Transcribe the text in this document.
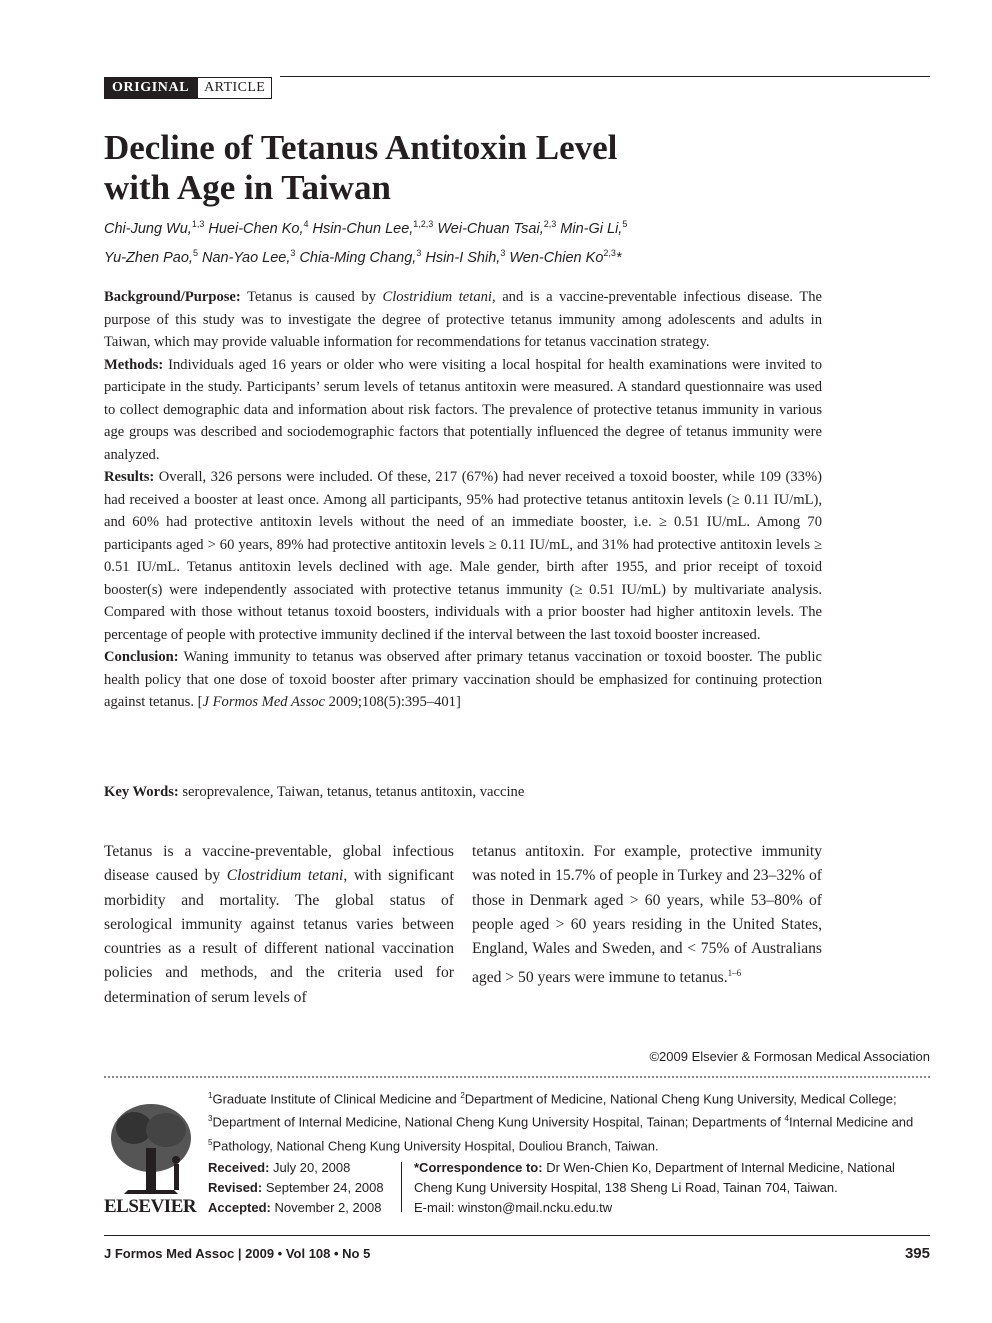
ORIGINAL	ARTICLE
Decline of Tetanus Antitoxin Level
with Age in Taiwan
Chi-Jung Wu,$^{1,3}$ Huei-Chen Ko,$^4$ Hsin-Chun Lee,$^{1,2,3}$ Wei-Chuan Tsai,$^{2,3}$ Min-Gi Li,$^5$
Yu-Zhen Pao,$^5$ Nan-Yao Lee,$^3$ Chia-Ming Chang,$^3$ Hsin-I Shih,$^3$ Wen-Chien Ko$^{2,3}$*

Background/Purpose: Tetanus is caused by Clostridium tetani, and is a vaccine-preventable infectious disease. The purpose of this study was to investigate the degree of protective tetanus immunity among adolescents and adults in Taiwan, which may provide valuable information for recommendations for tetanus vaccination strategy.

Methods: Individuals aged 16 years or older who were visiting a local hospital for health examinations were invited to participate in the study. Participants’ serum levels of tetanus antitoxin were measured. A standard questionnaire was used to collect demographic data and information about risk factors. The prevalence of protective tetanus immunity in various age groups was described and sociodemographic factors that potentially influenced the degree of tetanus immunity were analyzed.

Results: Overall, 326 persons were included. Of these, 217 (67%) had never received a toxoid booster, while 109 (33%) had received a booster at least once. Among all participants, 95% had protective tetanus antitoxin levels (≥ 0.11 IU/mL), and 60% had protective antitoxin levels without the need of an immediate booster, i.e. ≥ 0.51 IU/mL. Among 70 participants aged > 60 years, 89% had protective antitoxin levels ≥ 0.11 IU/mL, and 31% had protective antitoxin levels ≥ 0.51 IU/mL. Tetanus antitoxin levels declined with age. Male gender, birth after 1955, and prior receipt of toxoid booster(s) were independently associated with protective tetanus immunity (≥ 0.51 IU/mL) by multivariate analysis. Compared with those without tetanus toxoid boosters, individuals with a prior booster had higher antitoxin levels. The percentage of people with protective immunity declined if the interval between the last toxoid booster increased.

Conclusion: Waning immunity to tetanus was observed after primary tetanus vaccination or toxoid booster. The public health policy that one dose of toxoid booster after primary vaccination should be emphasized for continuing protection against tetanus. [J Formos Med Assoc 2009;108(5):395–401]

Key Words: seroprevalence, Taiwan, tetanus, tetanus antitoxin, vaccine
Tetanus is a vaccine-preventable, global infectious disease caused by Clostridium tetani, with significant morbidity and mortality. The global status of serological immunity against tetanus varies between countries as a result of different national vaccination policies and methods, and the criteria used for determination of serum levels of
tetanus antitoxin. For example, protective immunity was noted in 15.7% of people in Turkey and 23–32% of those in Denmark aged > 60 years, while 53–80% of people aged > 60 years residing in the United States, England, Wales and Sweden, and < 75% of Australians aged > 50 years were immune to tetanus.$^{1-6}$
©2009 Elsevier & Formosan Medical Association
ELSEVIER
$^1$Graduate Institute of Clinical Medicine and $^2$Department of Medicine, National Cheng Kung University, Medical College;
$^3$Department of Internal Medicine, National Cheng Kung University Hospital, Tainan; Departments of $^4$Internal Medicine and $^5$Pathology, National Cheng Kung University Hospital, Douliou Branch, Taiwan.
Received: July 20, 2008
Revised: September 24, 2008
Accepted: November 2, 2008
*Correspondence to: Dr Wen-Chien Ko, Department of Internal Medicine, National Cheng Kung University Hospital, 138 Sheng Li Road, Tainan 704, Taiwan.
E-mail: winston@mail.ncku.edu.tw
J Formos Med Assoc | 2009 • Vol 108 • No 5	395
